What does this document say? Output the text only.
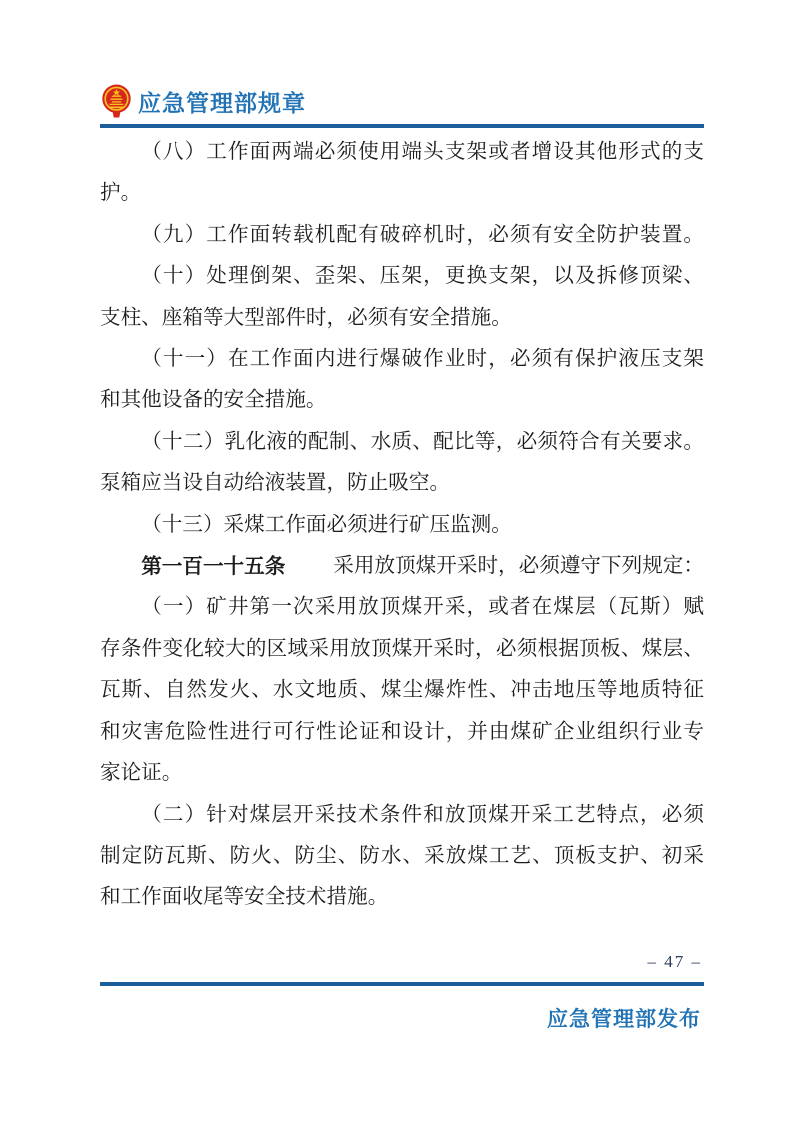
应急管理部规章
（八）工作面两端必须使用端头支架或者增设其他形式的支
护。
（九）工作面转载机配有破碎机时，必须有安全防护装置。
（十）处理倒架、歪架、压架，更换支架，以及拆修顶梁、
支柱、座箱等大型部件时，必须有安全措施。
（十一）在工作面内进行爆破作业时，必须有保护液压支架
和其他设备的安全措施。
（十二）乳化液的配制、水质、配比等，必须符合有关要求。
泵箱应当设自动给液装置，防止吸空。
（十三）采煤工作面必须进行矿压监测。
第一百一十五条 采用放顶煤开采时，必须遵守下列规定：
（一）矿井第一次采用放顶煤开采，或者在煤层（瓦斯）赋
存条件变化较大的区域采用放顶煤开采时，必须根据顶板、煤层、
瓦斯、自然发火、水文地质、煤尘爆炸性、冲击地压等地质特征
和灾害危险性进行可行性论证和设计，并由煤矿企业组织行业专
家论证。
（二）针对煤层开采技术条件和放顶煤开采工艺特点，必须
制定防瓦斯、防火、防尘、防水、采放煤工艺、顶板支护、初采
和工作面收尾等安全技术措施。
– 47 –
应急管理部发布
